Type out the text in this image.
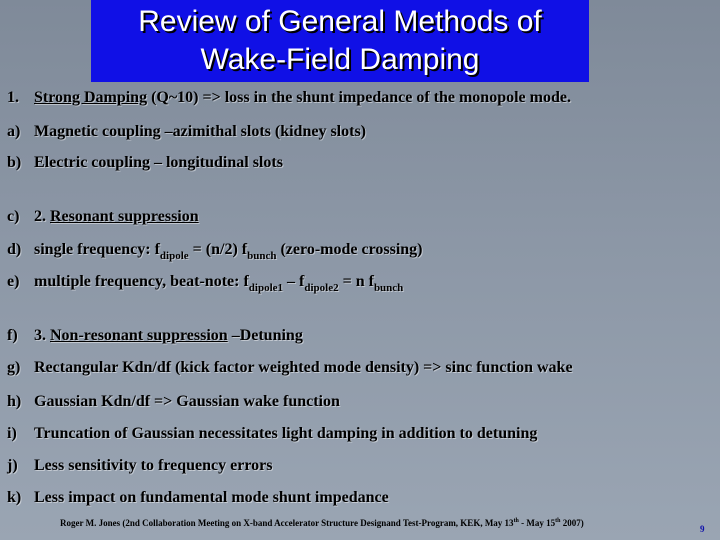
Review of General Methods of
Wake-Field Damping
1. Strong Damping (Q~10) => loss in the shunt impedance of the monopole mode.
a) Magnetic coupling –azimithal slots (kidney slots)
b) Electric coupling – longitudinal slots
c) 2. Resonant suppression
d) single frequency: $f_{dipole} = (n/2)$ $f_{bunch}$ (zero-mode crossing)
e) multiple frequency, beat-note: $f_{dipole1} - f_{dipole2} = n$ $f_{bunch}$
f) 3. Non-resonant suppression –Detuning
g) Rectangular Kdn/df (kick factor weighted mode density) => sinc function wake
h) Gaussian Kdn/df => Gaussian wake function
i) Truncation of Gaussian necessitates light damping in addition to detuning
j) Less sensitivity to frequency errors
k) Less impact on fundamental mode shunt impedance
Roger M. Jones (2nd Collaboration Meeting on X-band Accelerator Structure Designand Test-Program, KEK, May 13th - May 15th 2007)
9
